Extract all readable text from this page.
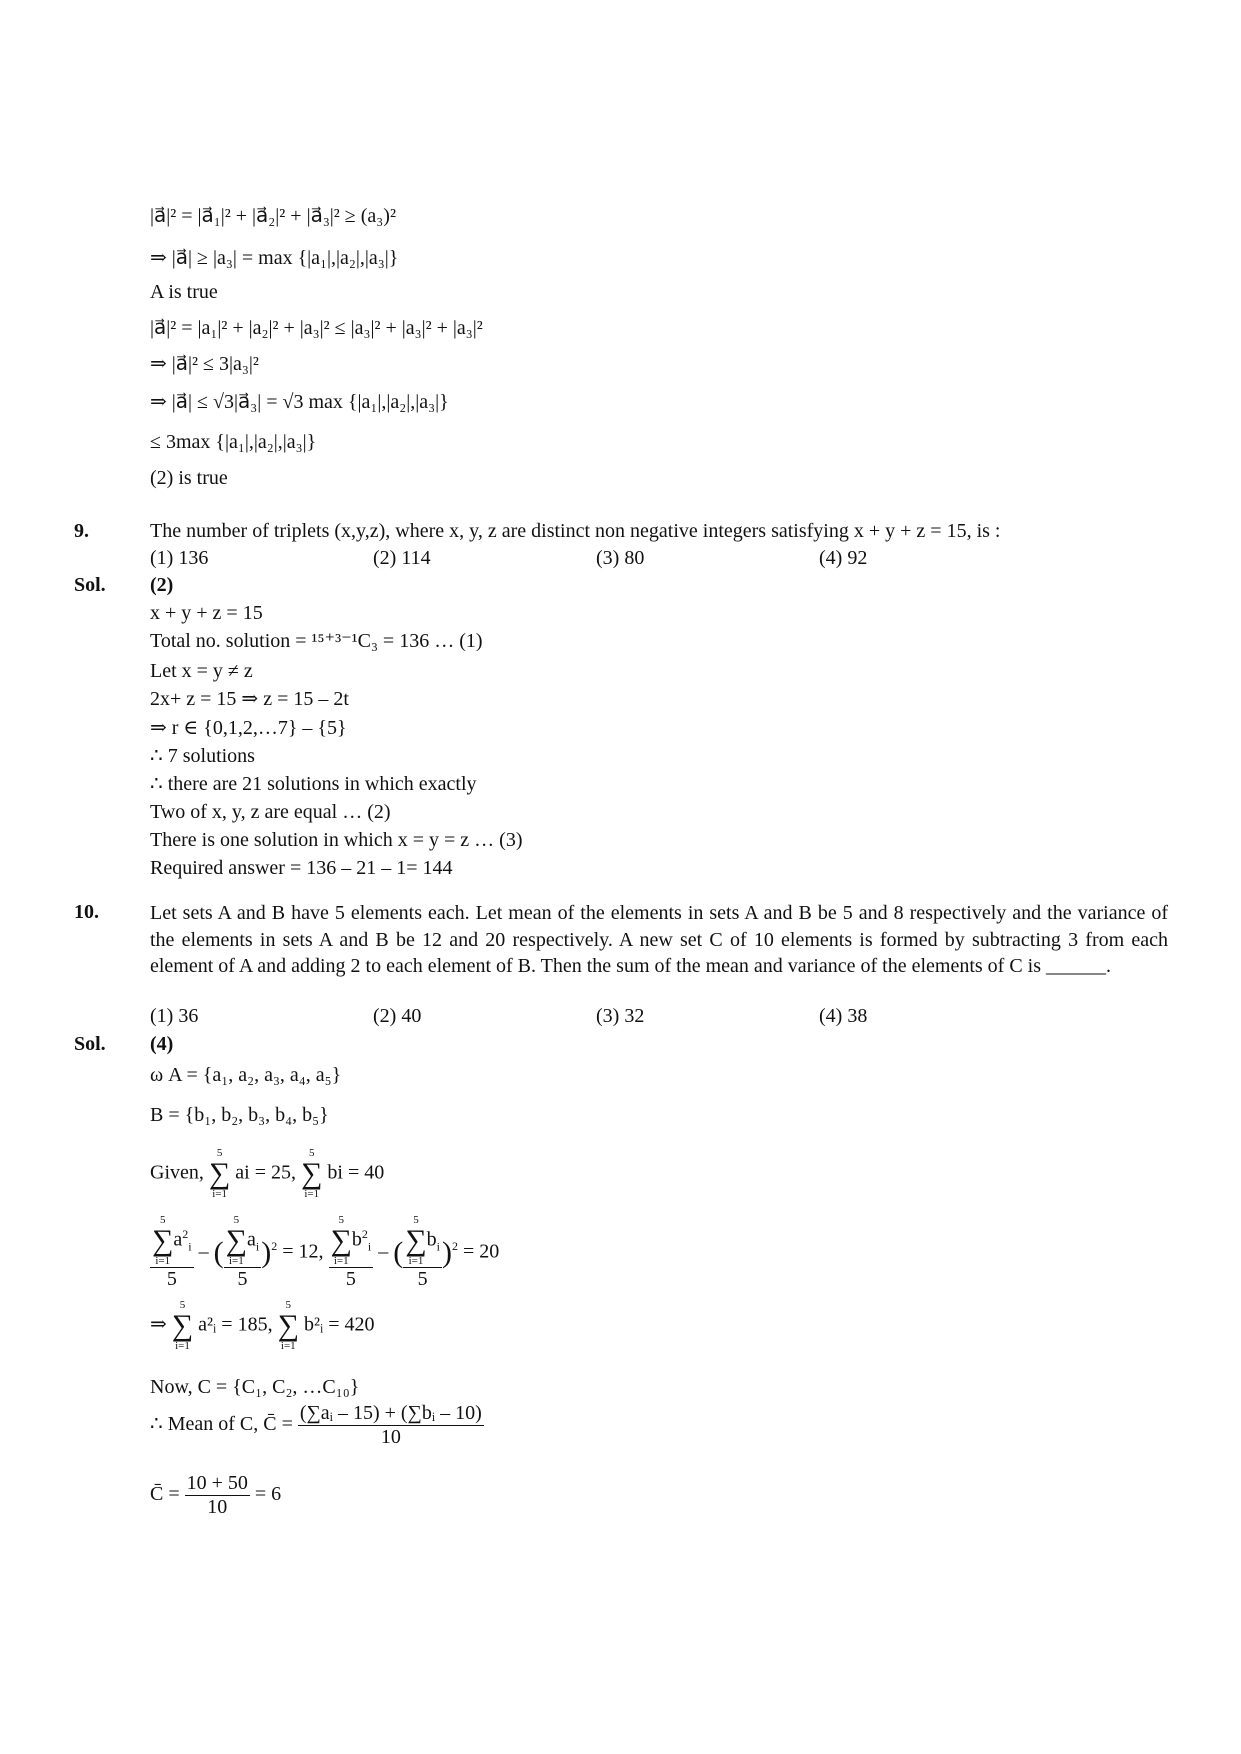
|a⃗|² = |a⃗₁|² + |a⃗₂|² + |a⃗₃|² ≥ (a₃)²
⇒ |a⃗| ≥ |a₃| = max {|a₁|,|a₂|,|a₃|}
A is true
|a⃗|² = |a₁|² + |a₂|² + |a₃|² ≤ |a₃|² + |a₃|² + |a₃|²
⇒ |a⃗|² ≤ 3|a₃|²
⇒ |a⃗| ≤ √3|a⃗₃| = √3 max {|a₁|,|a₂|,|a₃|}
≤ 3max {|a₁|,|a₂|,|a₃|}
(2) is true
9.	The number of triplets (x,y,z), where x, y, z are distinct non negative integers satisfying x + y + z = 15, is :
(1) 136	(2) 114	(3) 80	(4) 92
Sol. (2)
x + y + z = 15
Total no. solution = ¹⁵⁺³⁻¹C₃ = 136 … (1)
Let x = y ≠ z
2x+ z = 15 ⇒ z = 15 – 2t
⇒ r ∈ {0,1,2,…7} – {5}
∴ 7 solutions
∴ there are 21 solutions in which exactly
Two of x, y, z are equal … (2)
There is one solution in which x = y = z … (3)
Required answer = 136 – 21 – 1= 144
10.	Let sets A and B have 5 elements each. Let mean of the elements in sets A and B be 5 and 8 respectively and the variance of the elements in sets A and B be 12 and 20 respectively. A new set C of 10 elements is formed by subtracting 3 from each element of A and adding 2 to each element of B. Then the sum of the mean and variance of the elements of C is ______.
(1) 36	(2) 40	(3) 32	(4) 38
Sol. (4)
ω A = {a₁, a₂, a₃, a₄, a₅}
B = {b₁, b₂, b₃, b₄, b₅}
Given,
5
∑
i=1
ai = 25,
5
∑
i=1
bi = 40
5
∑
i=1
$a^2_i$
5 – ( 5
∑
i=1
$a_i$
5 )$^2$ = 12, 5
∑
i=1
$b^2_i$
5 – ( 5
∑
i=1
$b_i$
5 )$^2$ = 20
⇒
5
∑
i=1
a²ᵢ = 185,
5
∑
i=1
b²ᵢ = 420
Now, C = {C₁, C₂, …C₁₀}
∴ Mean of C, C̄ = $\frac{\text{(∑aᵢ – 15) + (∑bᵢ – 10)}}{10}$
C̄ = $\frac{10 + 50}{10} = 6$
